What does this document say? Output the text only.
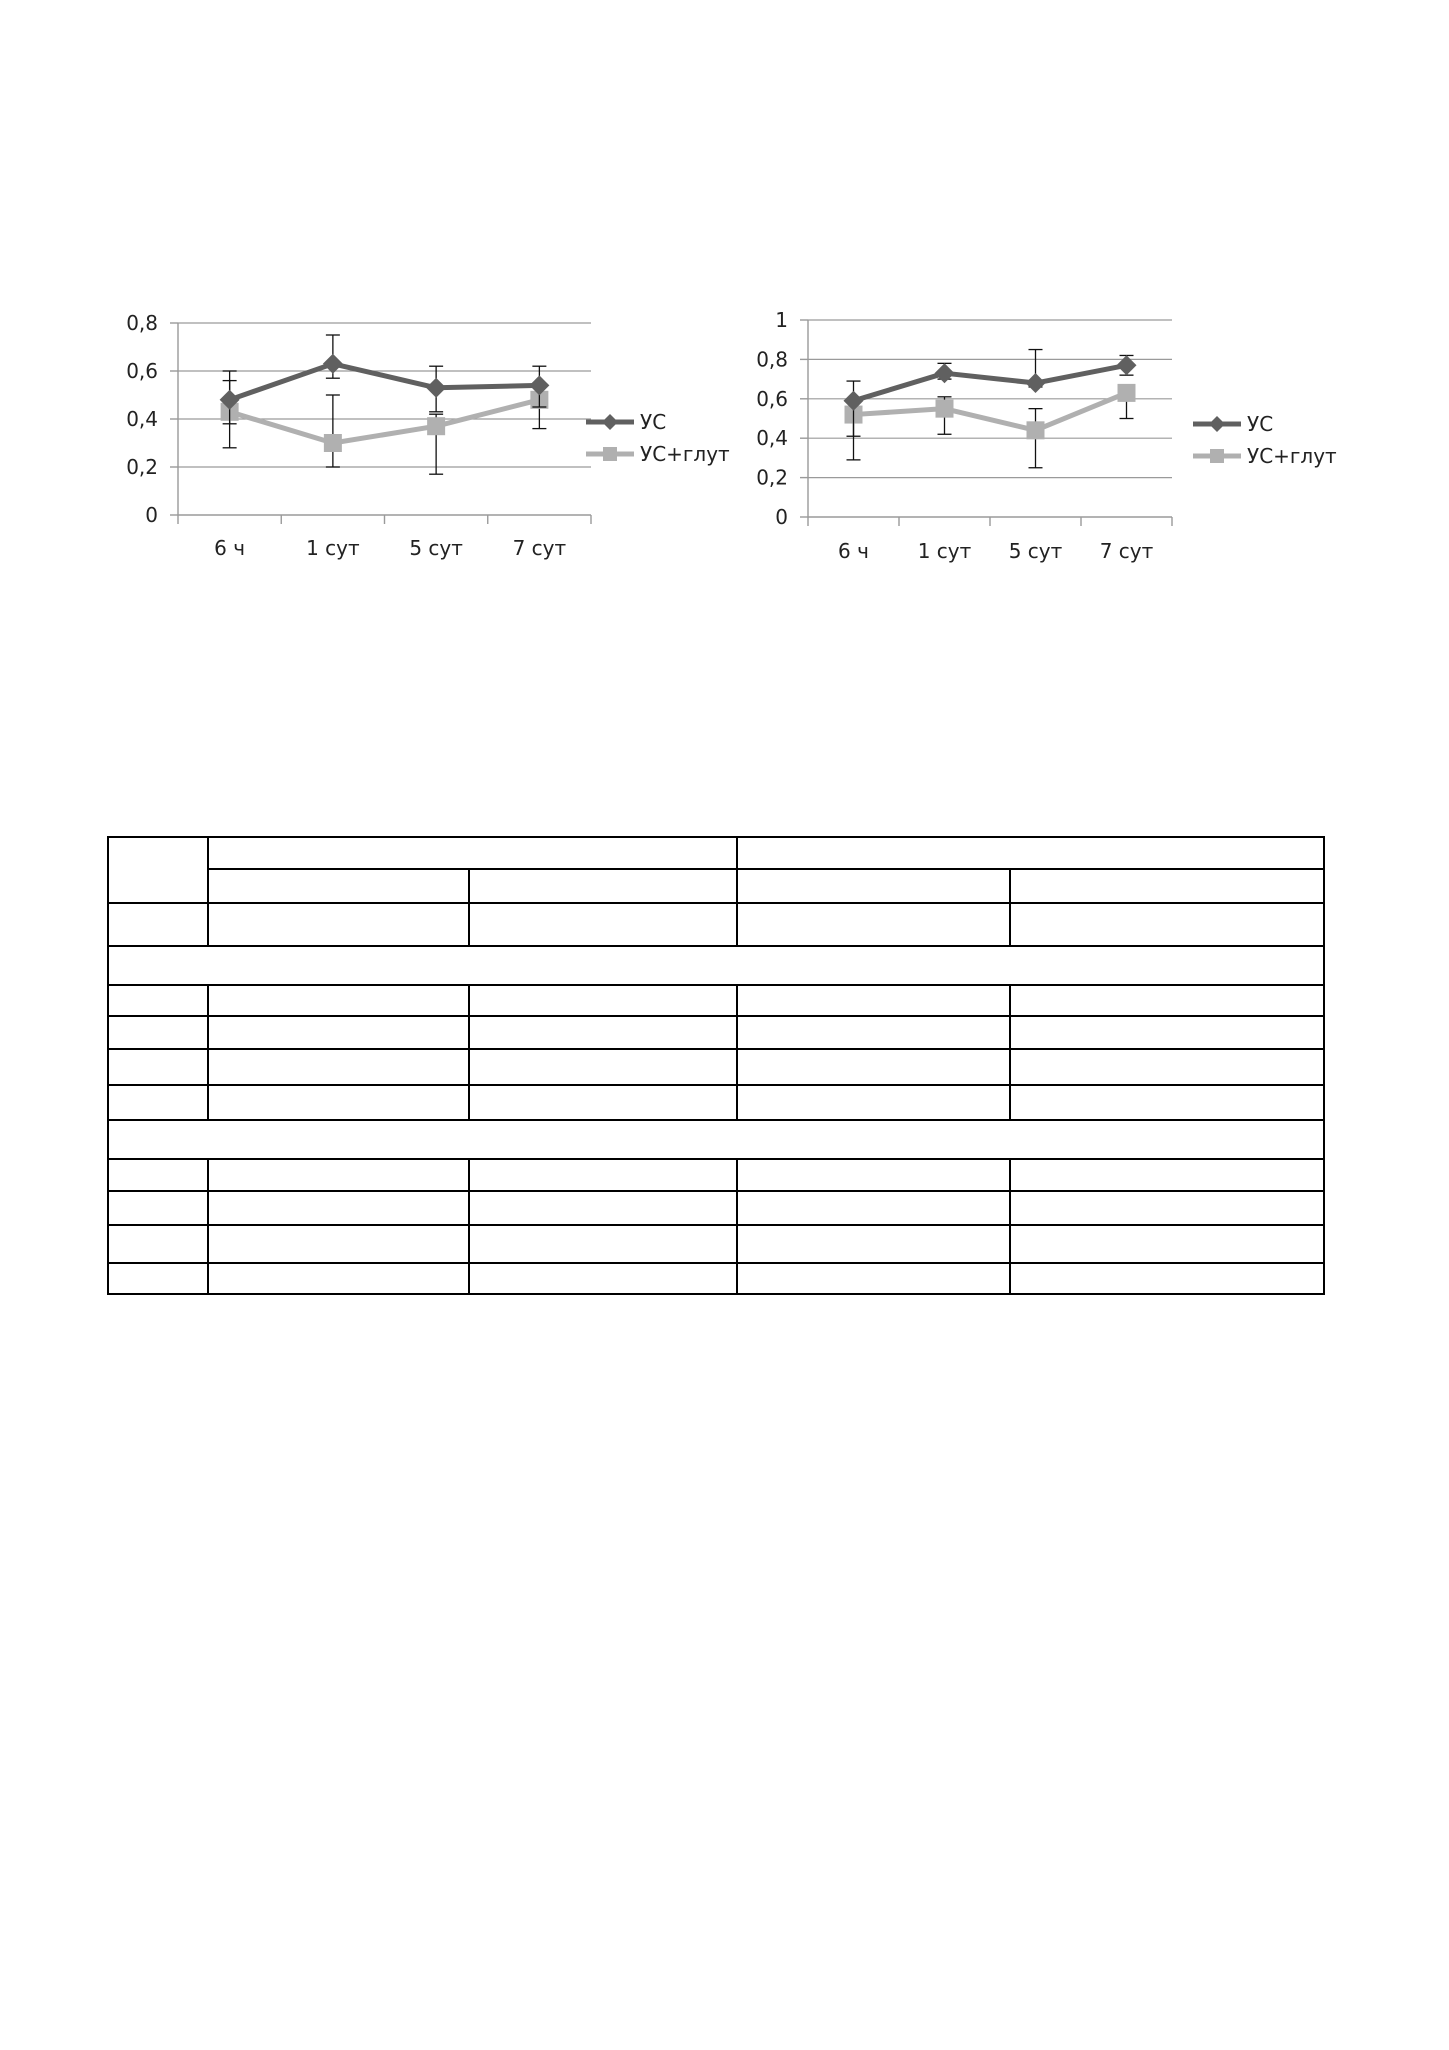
0
0,2
0,4
0,6
0,8
6 ч	1 сут 5 сут 7 сут
УС
УС+глут
0
0,2
0,4
0,6
0,8
1
6 ч 1 сут 5 сут 7 сут
УС
УС+глут
